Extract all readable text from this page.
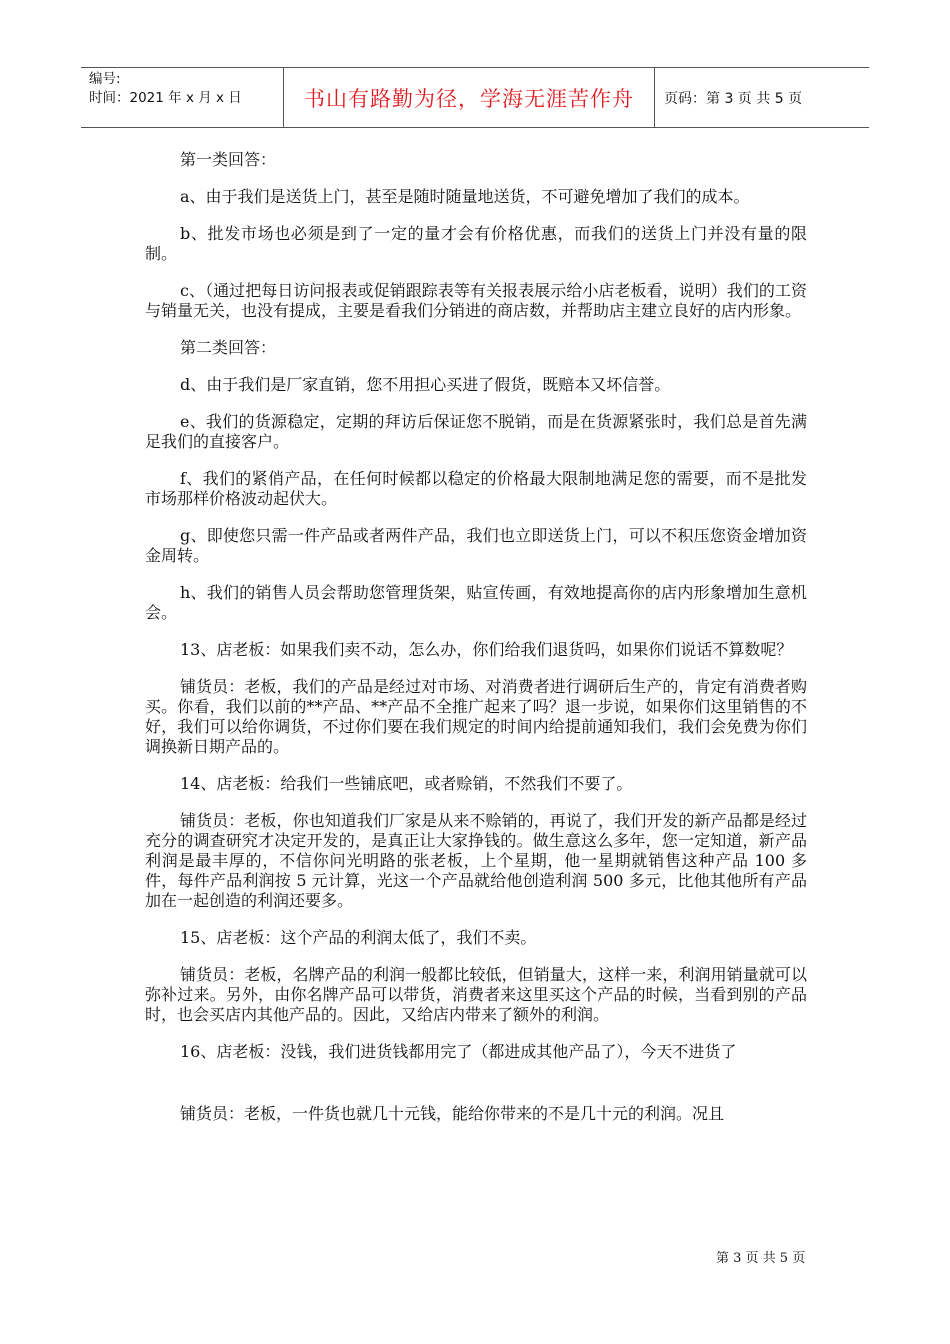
编号:
时间：2021 年 x 月 x 日	书山有路勤为径，学海无涯苦作舟	页码：第 3 页 共 5 页

第一类回答：

a、由于我们是送货上门，甚至是随时随量地送货，不可避免增加了我们的成本。

b、批发市场也必须是到了一定的量才会有价格优惠，而我们的送货上门并没有量的限制。

c、（通过把每日访问报表或促销跟踪表等有关报表展示给小店老板看，说明）我们的工资与销量无关，也没有提成，主要是看我们分销进的商店数，并帮助店主建立良好的店内形象。

第二类回答：

d、由于我们是厂家直销，您不用担心买进了假货，既赔本又坏信誉。

e、我们的货源稳定，定期的拜访后保证您不脱销，而是在货源紧张时，我们总是首先满足我们的直接客户。

f、我们的紧俏产品，在任何时候都以稳定的价格最大限制地满足您的需要，而不是批发市场那样价格波动起伏大。

g、即使您只需一件产品或者两件产品，我们也立即送货上门，可以不积压您资金增加资金周转。

h、我们的销售人员会帮助您管理货架，贴宣传画，有效地提高你的店内形象增加生意机会。

13、店老板：如果我们卖不动，怎么办，你们给我们退货吗，如果你们说话不算数呢？

铺货员：老板，我们的产品是经过对市场、对消费者进行调研后生产的，肯定有消费者购买。你看，我们以前的**产品、**产品不全推广起来了吗？退一步说，如果你们这里销售的不好，我们可以给你调货，不过你们要在我们规定的时间内给提前通知我们，我们会免费为你们调换新日期产品的。

14、店老板：给我们一些铺底吧，或者赊销，不然我们不要了。

铺货员：老板，你也知道我们厂家是从来不赊销的，再说了，我们开发的新产品都是经过充分的调查研究才决定开发的，是真正让大家挣钱的。做生意这么多年，您一定知道，新产品利润是最丰厚的，不信你问光明路的张老板，上个星期，他一星期就销售这种产品 100 多件，每件产品利润按 5 元计算，光这一个产品就给他创造利润 500 多元，比他其他所有产品加在一起创造的利润还要多。

15、店老板：这个产品的利润太低了，我们不卖。

铺货员：老板，名牌产品的利润一般都比较低，但销量大，这样一来，利润用销量就可以弥补过来。另外，由你名牌产品可以带货，消费者来这里买这个产品的时候，当看到别的产品时，也会买店内其他产品的。因此，又给店内带来了额外的利润。

16、店老板：没钱，我们进货钱都用完了（都进成其他产品了），今天不进货了

铺货员：老板，一件货也就几十元钱，能给你带来的不是几十元的利润。况且

第 3 页 共 5 页
